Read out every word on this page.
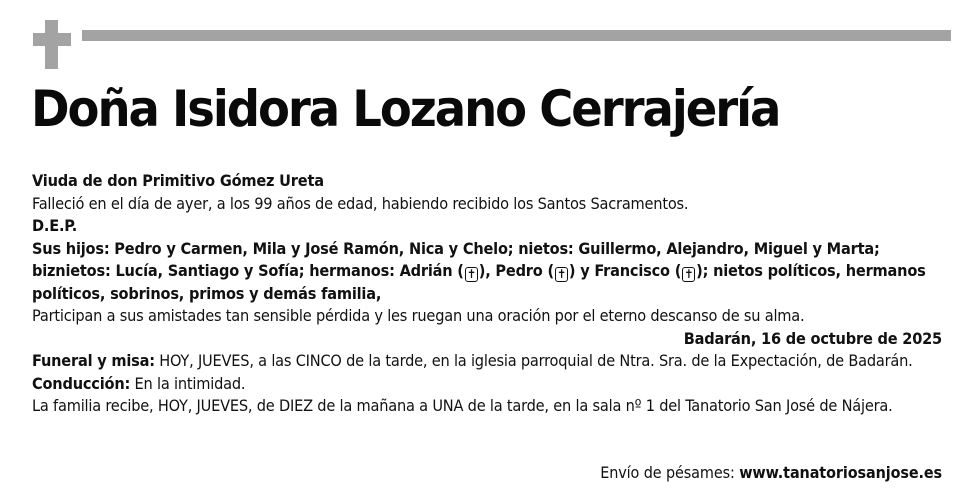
Doña Isidora Lozano Cerrajería

Viuda de don Primitivo Gómez Ureta

Falleció en el día de ayer, a los 99 años de edad, habiendo recibido los Santos Sacramentos.

D.E.P.

Sus hijos: Pedro y Carmen, Mila y José Ramón, Nica y Chelo; nietos: Guillermo, Alejandro, Miguel y Marta; biznietos: Lucía, Santiago y Sofía; hermanos: Adrián ( ✝ ), Pedro ( ✝ ) y Francisco ( ✝ ); nietos políticos, hermanos políticos, sobrinos, primos y demás familia,

Participan a sus amistades tan sensible pérdida y les ruegan una oración por el eterno descanso de su alma.

Badarán, 16 de octubre de 2025

Funeral y misa: HOY, JUEVES, a las CINCO de la tarde, en la iglesia parroquial de Ntra. Sra. de la Expectación, de Badarán.

Conducción: En la intimidad.

La familia recibe, HOY, JUEVES, de DIEZ de la mañana a UNA de la tarde, en la sala nº 1 del Tanatorio San José de Nájera.

Envío de pésames: www.tanatoriosanjose.es
